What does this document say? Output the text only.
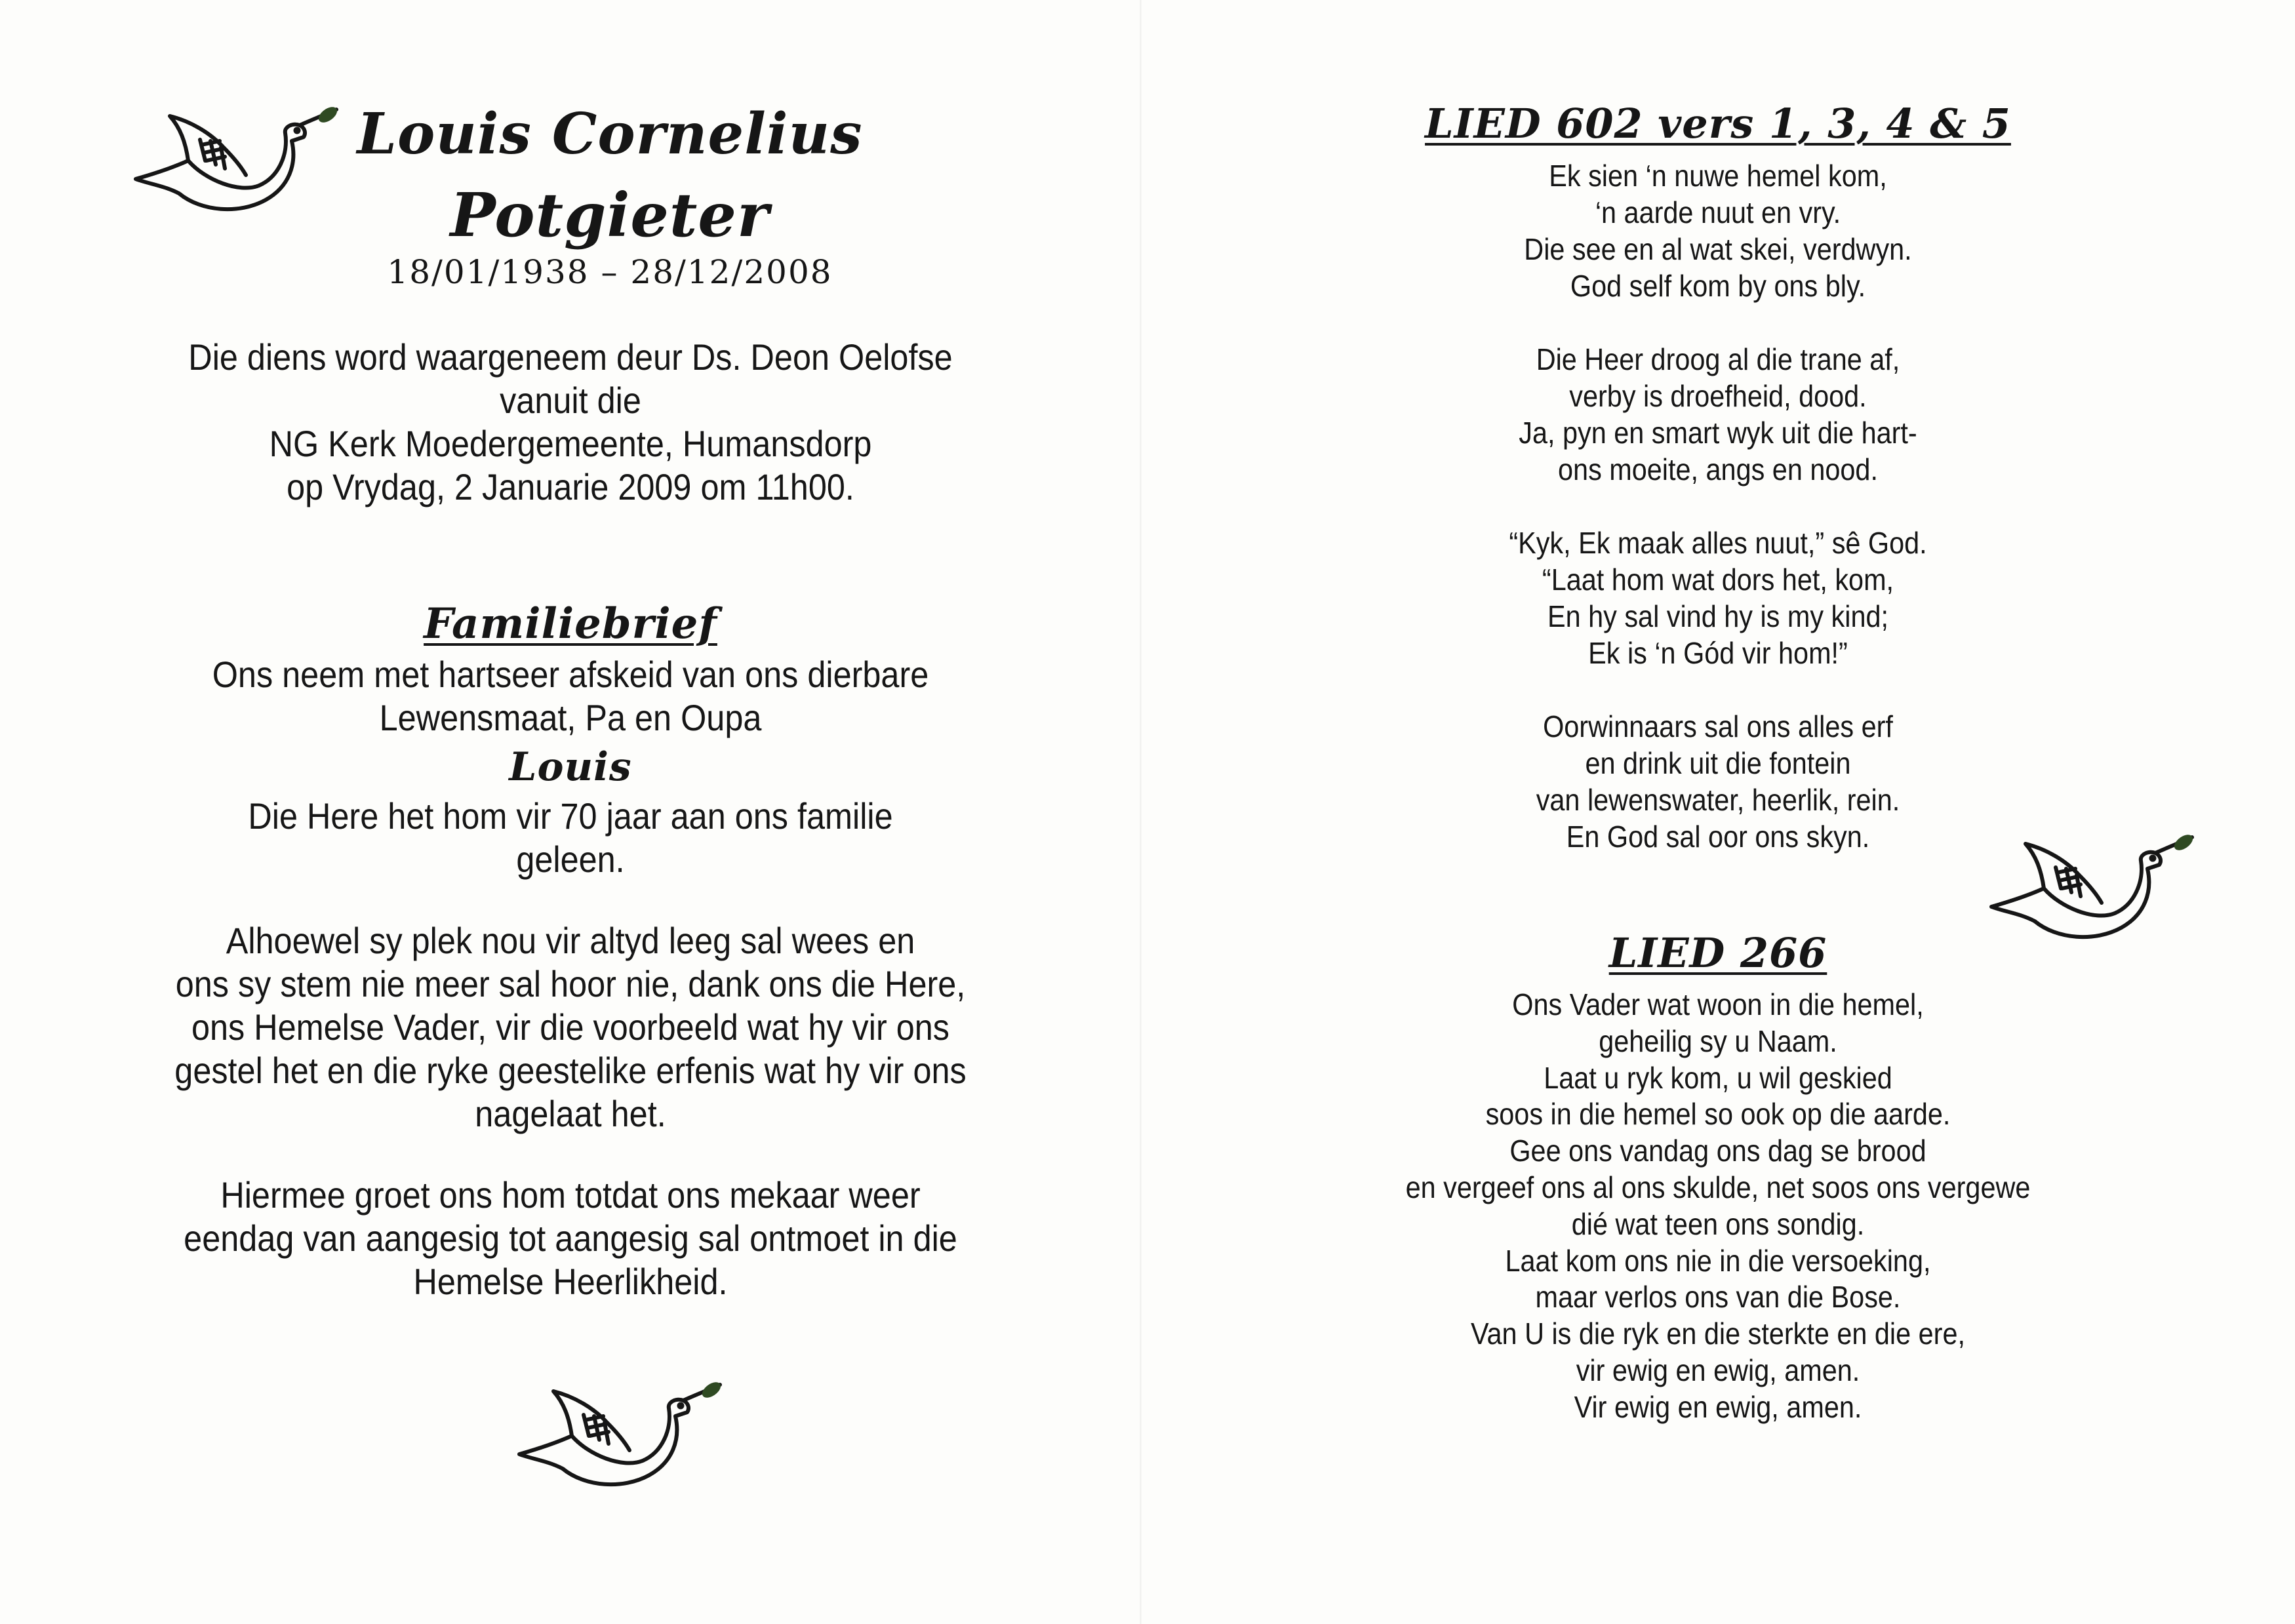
Louis Cornelius
Potgieter
18/01/1938 – 28/12/2008
Die diens word waargeneem deur Ds. Deon Oelofse
vanuit die
NG Kerk Moedergemeente, Humansdorp
op Vrydag, 2 Januarie 2009 om 11h00.
Familiebrief
Ons neem met hartseer afskeid van ons dierbare
Lewensmaat, Pa en Oupa
Louis
Die Here het hom vir 70 jaar aan ons familie
geleen.
Alhoewel sy plek nou vir altyd leeg sal wees en
ons sy stem nie meer sal hoor nie, dank ons die Here,
ons Hemelse Vader, vir die voorbeeld wat hy vir ons
gestel het en die ryke geestelike erfenis wat hy vir ons
nagelaat het.
Hiermee groet ons hom totdat ons mekaar weer
eendag van aangesig tot aangesig sal ontmoet in die
Hemelse Heerlikheid.
LIED 602 vers 1, 3, 4 & 5
Ek sien ‘n nuwe hemel kom,
‘n aarde nuut en vry.
Die see en al wat skei, verdwyn.
God self kom by ons bly.
Die Heer droog al die trane af,
verby is droefheid, dood.
Ja, pyn en smart wyk uit die hart-
ons moeite, angs en nood.
“Kyk, Ek maak alles nuut,” sê God.
“Laat hom wat dors het, kom,
En hy sal vind hy is my kind;
Ek is ‘n Gód vir hom!”
Oorwinnaars sal ons alles erf
en drink uit die fontein
van lewenswater, heerlik, rein.
En God sal oor ons skyn.
LIED 266
Ons Vader wat woon in die hemel,
geheilig sy u Naam.
Laat u ryk kom, u wil geskied
soos in die hemel so ook op die aarde.
Gee ons vandag ons dag se brood
en vergeef ons al ons skulde, net soos ons vergewe
dié wat teen ons sondig.
Laat kom ons nie in die versoeking,
maar verlos ons van die Bose.
Van U is die ryk en die sterkte en die ere,
vir ewig en ewig, amen.
Vir ewig en ewig, amen.
